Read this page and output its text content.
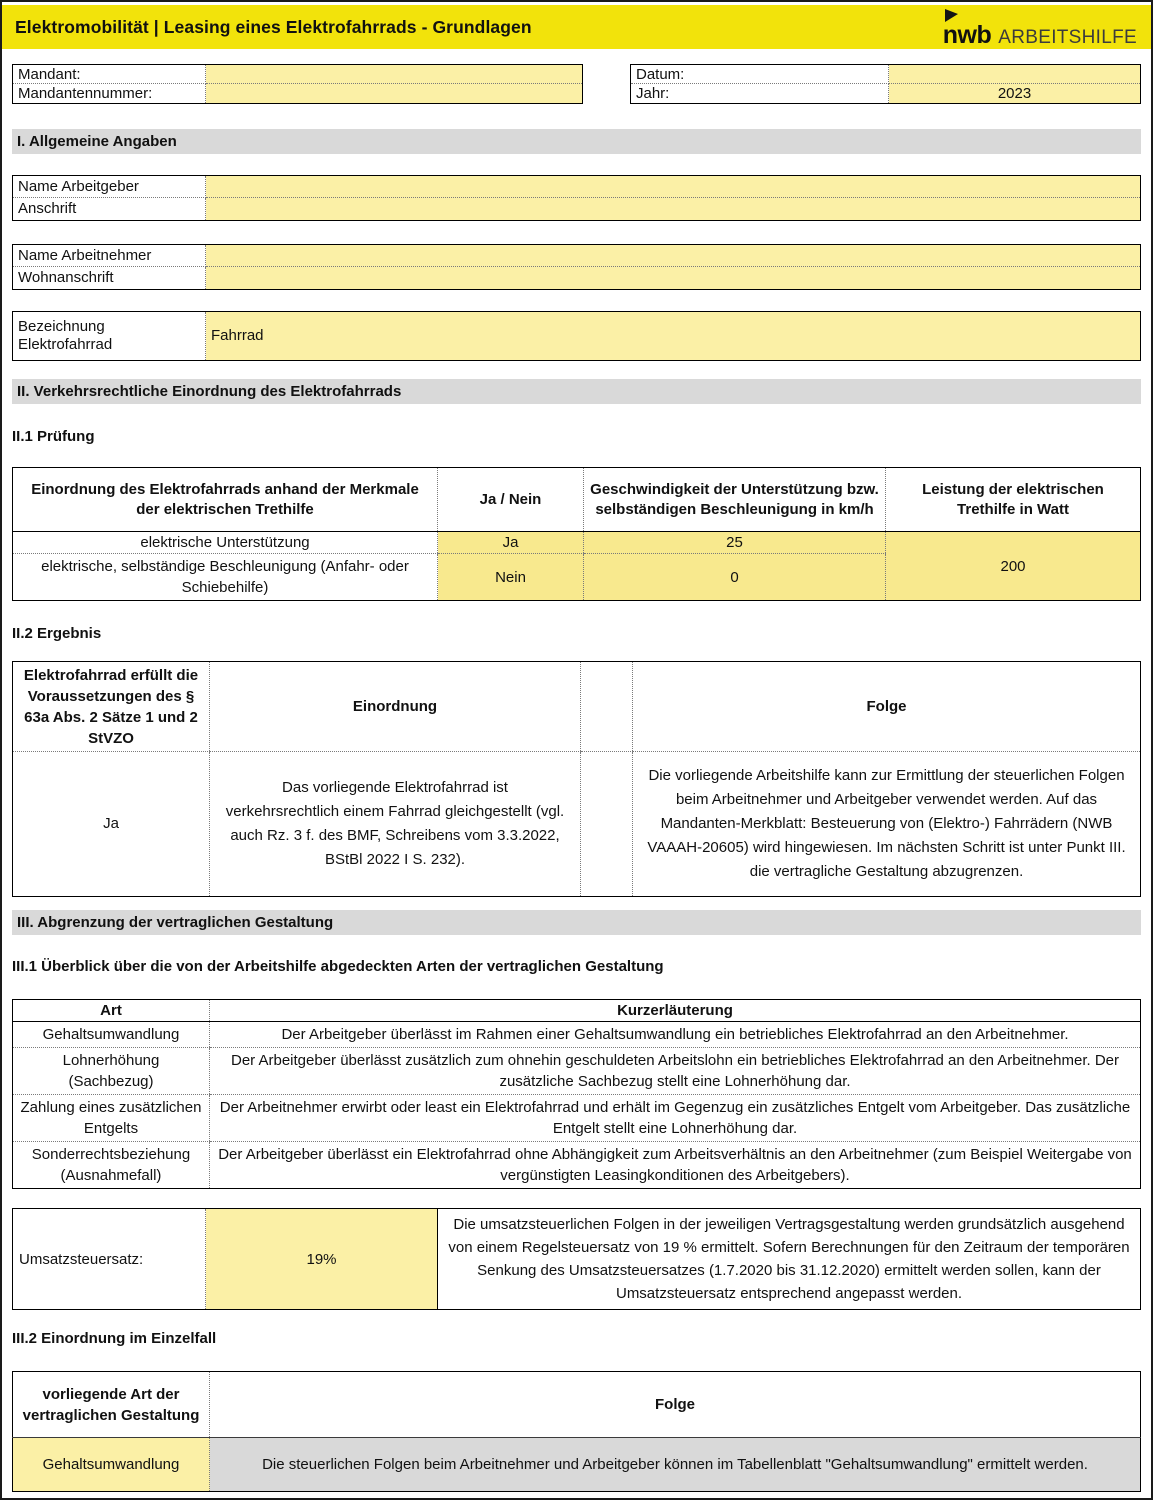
Elektromobilität | Leasing eines Elektrofahrrads - Grundlagen	nwb ARBEITSHILFE
Mandant:
Mandantennummer:
Datum:
Jahr:	2023
I. Allgemeine Angaben
Name Arbeitgeber
Anschrift
Name Arbeitnehmer
Wohnanschrift
Bezeichnung Elektrofahrrad
Fahrrad
II. Verkehrsrechtliche Einordnung des Elektrofahrrads
II.1 Prüfung
Einordnung des Elektrofahrrads anhand der Merkmale der elektrischen Trethilfe	Ja / Nein	Geschwindigkeit der Unterstützung bzw. selbständigen Beschleunigung in km/h	Leistung der elektrischen Trethilfe in Watt
elektrische Unterstützung	Ja	25	200
elektrische, selbständige Beschleunigung (Anfahr- oder Schiebehilfe)	Nein	0	
II.2 Ergebnis
Elektrofahrrad erfüllt die Voraussetzungen des § 63a Abs. 2 Sätze 1 und 2 StVZO	Einordnung		Folge
Ja	Das vorliegende Elektrofahrrad ist verkehrsrechtlich einem Fahrrad gleichgestellt (vgl. auch Rz. 3 f. des BMF, Schreibens vom 3.3.2022, BStBl 2022 I S. 232).		Die vorliegende Arbeitshilfe kann zur Ermittlung der steuerlichen Folgen beim Arbeitnehmer und Arbeitgeber verwendet werden. Auf das Mandanten-Merkblatt: Besteuerung von (Elektro-) Fahrrädern (NWB VAAAH-20605) wird hingewiesen. Im nächsten Schritt ist unter Punkt III. die vertragliche Gestaltung abzugrenzen.
III. Abgrenzung der vertraglichen Gestaltung
III.1 Überblick über die von der Arbeitshilfe abgedeckten Arten der vertraglichen Gestaltung
Art	Kurzerläuterung
Gehaltsumwandlung	Der Arbeitgeber überlässt im Rahmen einer Gehaltsumwandlung ein betriebliches Elektrofahrrad an den Arbeitnehmer.
Lohnerhöhung (Sachbezug)	Der Arbeitgeber überlässt zusätzlich zum ohnehin geschuldeten Arbeitslohn ein betriebliches Elektrofahrrad an den Arbeitnehmer. Der zusätzliche Sachbezug stellt eine Lohnerhöhung dar.
Zahlung eines zusätzlichen Entgelts	Der Arbeitnehmer erwirbt oder least ein Elektrofahrrad und erhält im Gegenzug ein zusätzliches Entgelt vom Arbeitgeber. Das zusätzliche Entgelt stellt eine Lohnerhöhung dar.
Sonderrechtsbeziehung (Ausnahmefall)	Der Arbeitgeber überlässt ein Elektrofahrrad ohne Abhängigkeit zum Arbeitsverhältnis an den Arbeitnehmer (zum Beispiel Weitergabe von vergünstigten Leasingkonditionen des Arbeitgebers).
Umsatzsteuersatz:	19%	Die umsatzsteuerlichen Folgen in der jeweiligen Vertragsgestaltung werden grundsätzlich ausgehend von einem Regelsteuersatz von 19 % ermittelt. Sofern Berechnungen für den Zeitraum der temporären Senkung des Umsatzsteuersatzes (1.7.2020 bis 31.12.2020) ermittelt werden sollen, kann der Umsatzsteuersatz entsprechend angepasst werden.
III.2 Einordnung im Einzelfall
vorliegende Art der vertraglichen Gestaltung	Folge
Gehaltsumwandlung	Die steuerlichen Folgen beim Arbeitnehmer und Arbeitgeber können im Tabellenblatt "Gehaltsumwandlung" ermittelt werden.
